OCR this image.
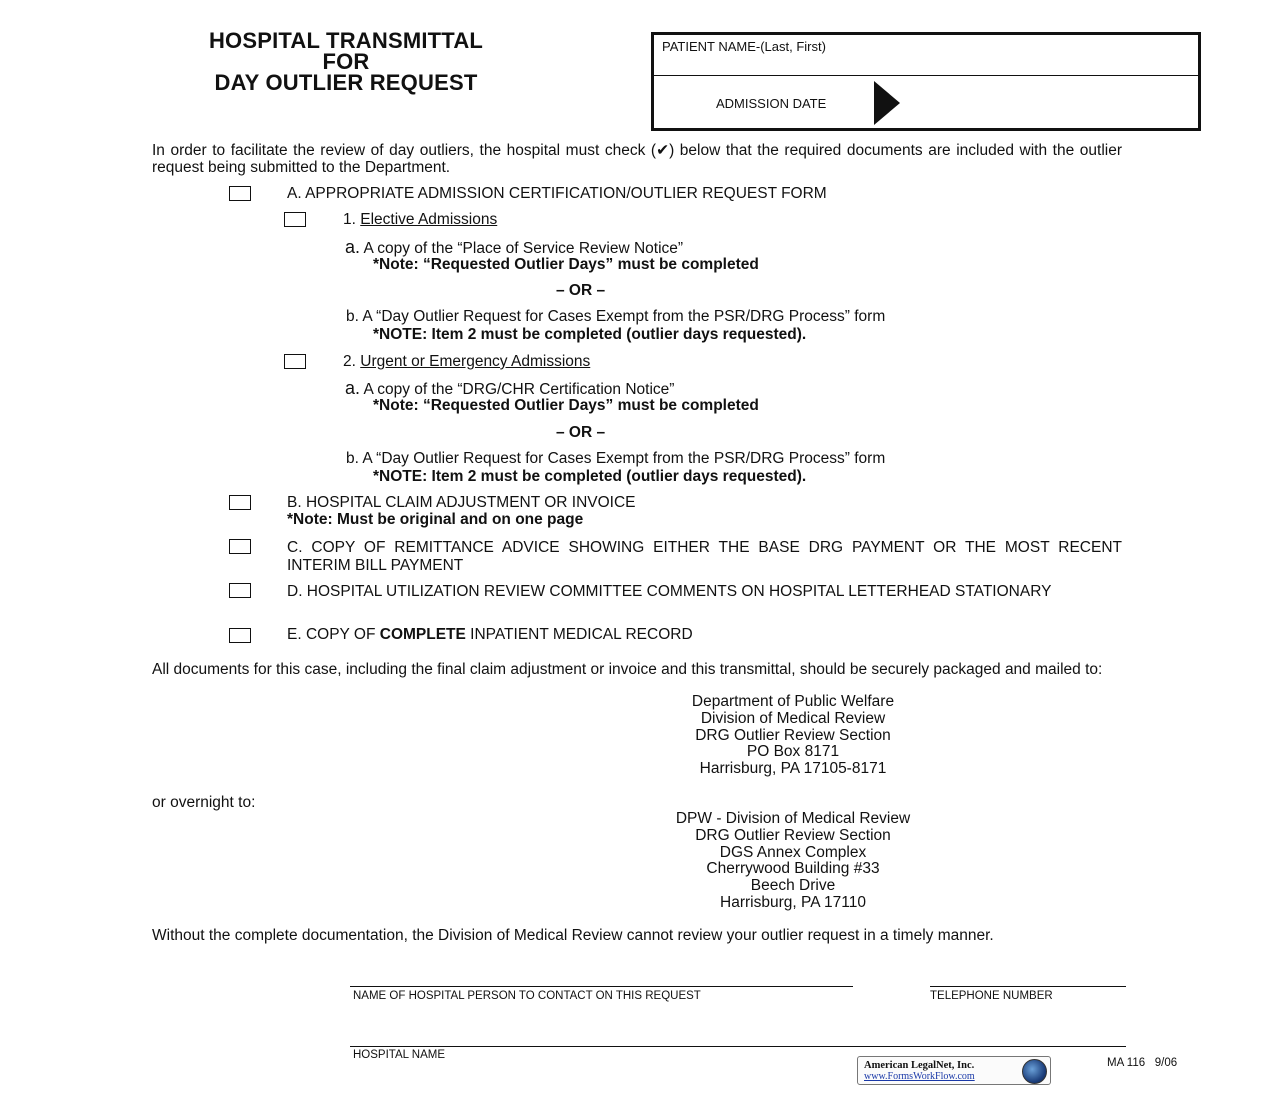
HOSPITAL TRANSMITTAL
FOR
DAY OUTLIER REQUEST
PATIENT NAME-(Last, First)
ADMISSION DATE
In order to facilitate the review of day outliers, the hospital must check (✔) below that the required documents are included with the outlier request being submitted to the Department.
A. APPROPRIATE ADMISSION CERTIFICATION/OUTLIER REQUEST FORM
1. Elective Admissions
a. A copy of the “Place of Service Review Notice”
*Note: “Requested Outlier Days” must be completed
– OR –
b. A “Day Outlier Request for Cases Exempt from the PSR/DRG Process” form
*NOTE: Item 2 must be completed (outlier days requested).
2. Urgent or Emergency Admissions
a. A copy of the “DRG/CHR Certification Notice”
*Note: “Requested Outlier Days” must be completed
– OR –
b. A “Day Outlier Request for Cases Exempt from the PSR/DRG Process” form
*NOTE: Item 2 must be completed (outlier days requested).
B. HOSPITAL CLAIM ADJUSTMENT OR INVOICE
*Note: Must be original and on one page
C. COPY OF REMITTANCE ADVICE SHOWING EITHER THE BASE DRG PAYMENT OR THE MOST RECENT INTERIM BILL PAYMENT
D. HOSPITAL UTILIZATION REVIEW COMMITTEE COMMENTS ON HOSPITAL LETTERHEAD STATIONARY
E. COPY OF COMPLETE INPATIENT MEDICAL RECORD
All documents for this case, including the final claim adjustment or invoice and this transmittal, should be securely packaged and mailed to:
Department of Public Welfare
Division of Medical Review
DRG Outlier Review Section
PO Box 8171
Harrisburg, PA 17105-8171
or overnight to:
DPW - Division of Medical Review
DRG Outlier Review Section
DGS Annex Complex
Cherrywood Building #33
Beech Drive
Harrisburg, PA 17110
Without the complete documentation, the Division of Medical Review cannot review your outlier request in a timely manner.
NAME OF HOSPITAL PERSON TO CONTACT ON THIS REQUEST	TELEPHONE NUMBER
HOSPITAL NAME
American LegalNet, Inc.
www.FormsWorkFlow.com
MA 116 9/06
